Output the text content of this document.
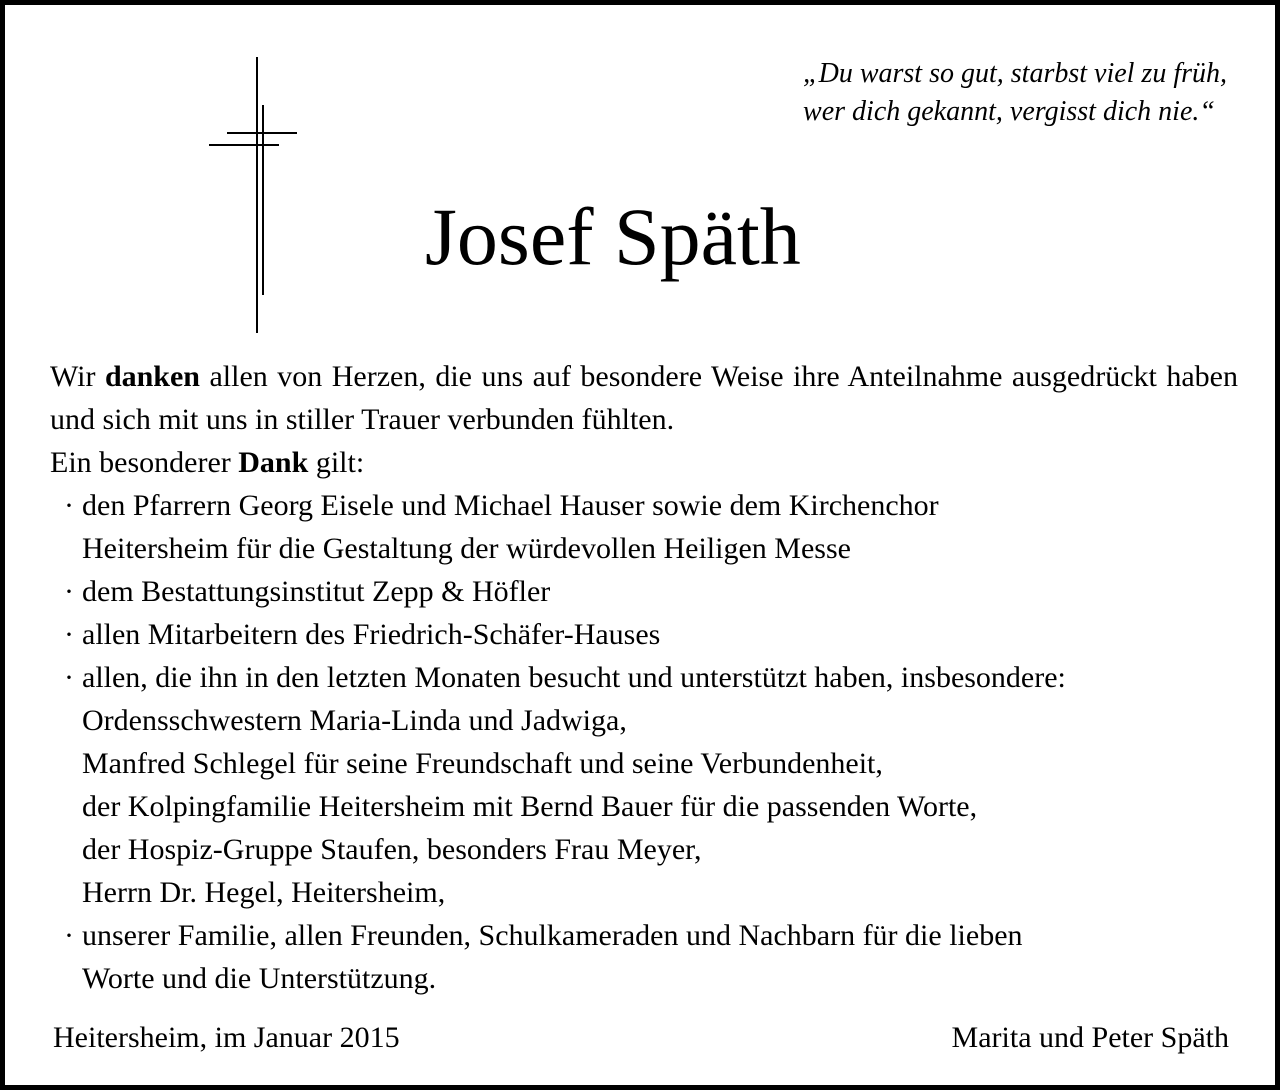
„Du warst so gut, starbst viel zu früh,
wer dich gekannt, vergisst dich nie.“
Josef Späth
Wir danken allen von Herzen, die uns auf besondere Weise ihre Anteilnahme ausgedrückt haben und sich mit uns in stiller Trauer verbunden fühlten.
Ein besonderer Dank gilt:
· den Pfarrern Georg Eisele und Michael Hauser sowie dem Kirchenchor
Heitersheim für die Gestaltung der würdevollen Heiligen Messe
· dem Bestattungsinstitut Zepp & Höfler
· allen Mitarbeitern des Friedrich-Schäfer-Hauses
· allen, die ihn in den letzten Monaten besucht und unterstützt haben, insbesondere:
Ordensschwestern Maria-Linda und Jadwiga,
Manfred Schlegel für seine Freundschaft und seine Verbundenheit,
der Kolpingfamilie Heitersheim mit Bernd Bauer für die passenden Worte,
der Hospiz-Gruppe Staufen, besonders Frau Meyer,
Herrn Dr. Hegel, Heitersheim,
· unserer Familie, allen Freunden, Schulkameraden und Nachbarn für die lieben
Worte und die Unterstützung.
Heitersheim, im Januar 2015	Marita und Peter Späth
